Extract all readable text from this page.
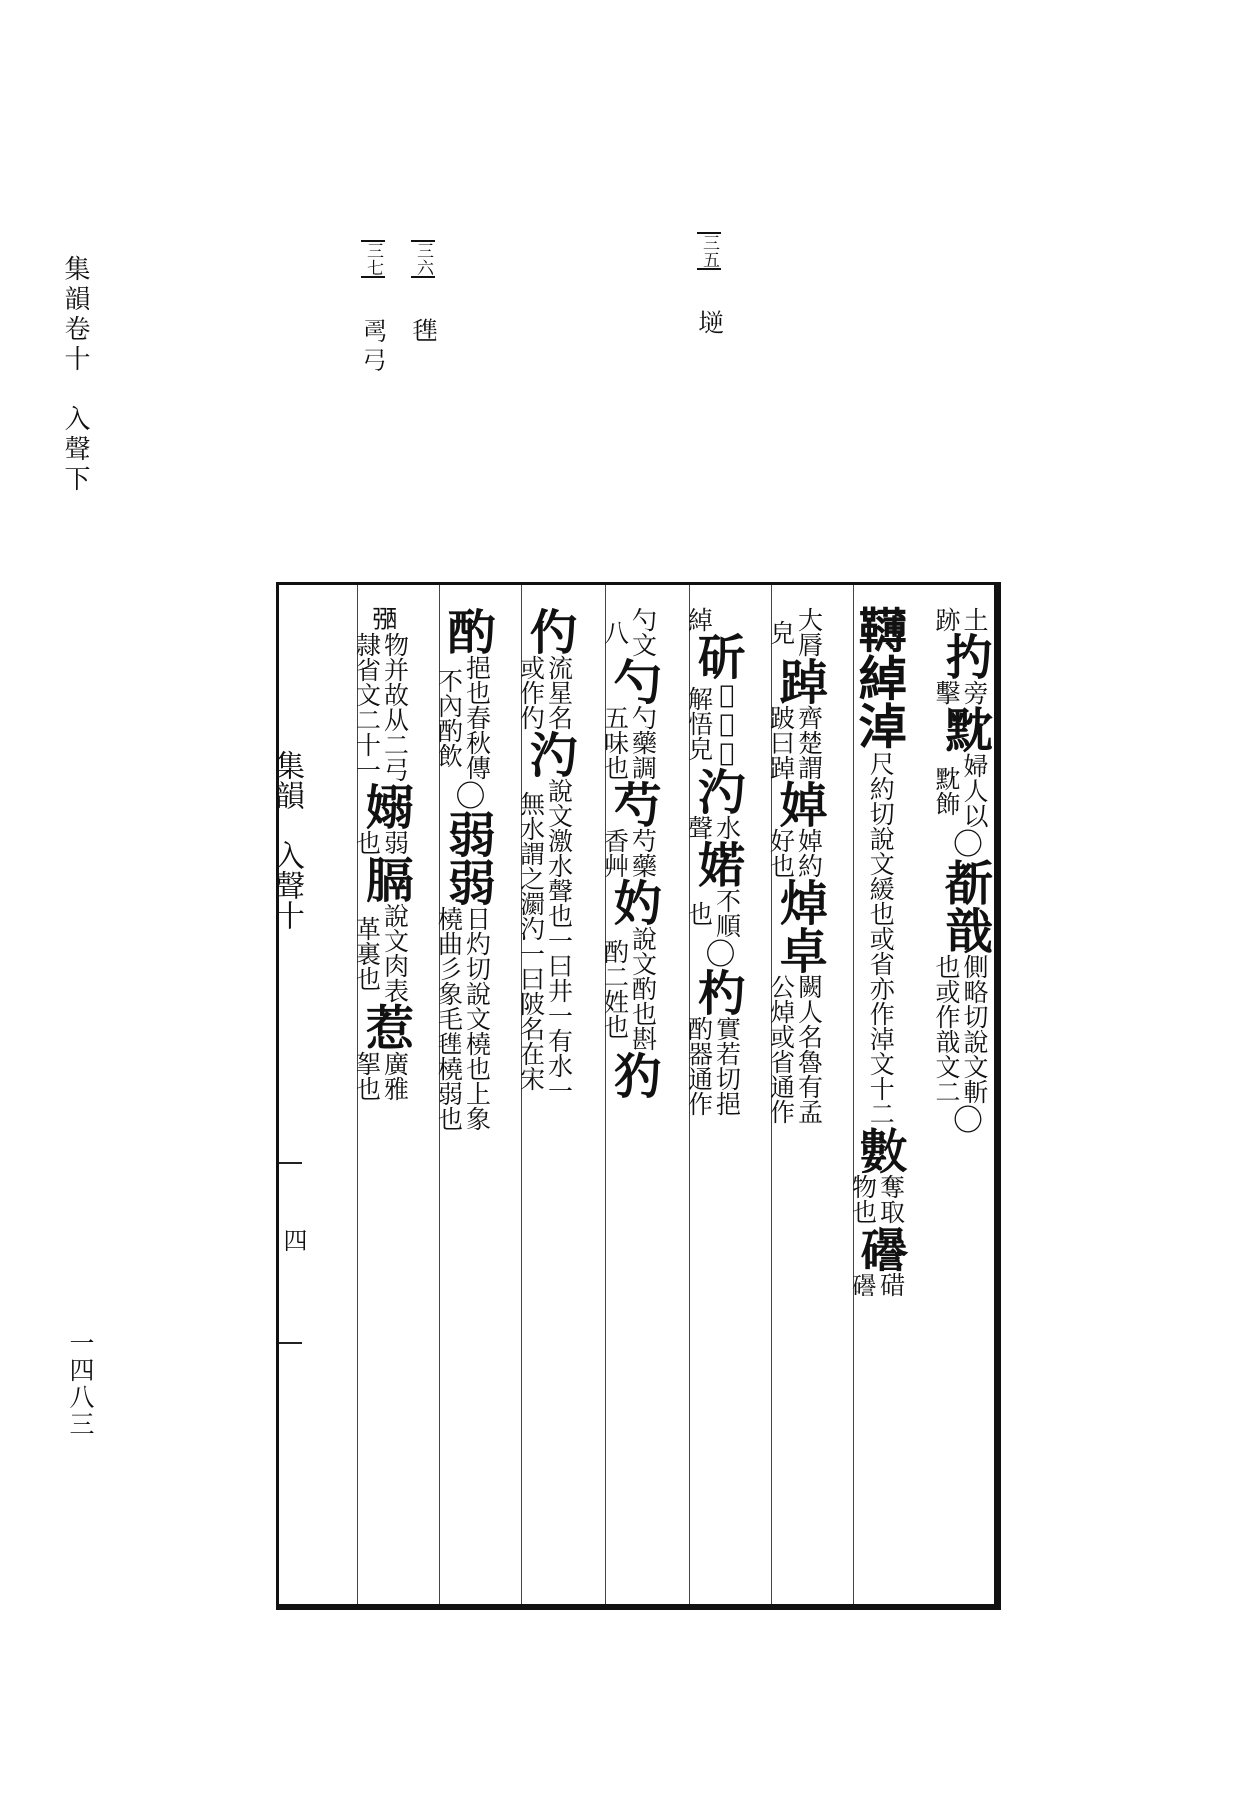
集韻卷十　入聲下
一四八三
三五 𡏤
三六 𣯍
三七 𢏚弓
集韻　入聲十
四
土
跡
扚
旁
擊
黕
婦人以
黕飾
〇
斱戠
側略切說文斬
也或作戠文二
〇
𩍿綽淖
尺約切說文緩也或省亦作淖文十二
𢿙
奪取
物也
𥗟
碏
𥗟
大脣
皃
踔
齊楚謂
跛曰踔
婥
婥約
好也
焯卓
闕人名魯有孟
公焯或省通作
綽
斫
𥐦斫不
解悟皃
汋
水
聲
婼
不順
也
〇
杓
實若切挹
酌器通作
勺文
八
勺
勺藥調
五味也
芍
芍藥
香艸
妁
說文酌也斟
酌二姓也
犳
仢
流星名
或作仢
汋
說文激水聲也一曰井一有水一
無水謂之瀱汋一曰陂名在宋
酌
挹也春秋傳
不內酌飲
〇
弱弱
日灼切說文橈也上象
橈曲彡象毛𣯍橈弱也
𢐀
物并故从二弓
隷省文二十一
嫋
弱
也
膈
說文肉表
革裏也
惹
廣雅
挐也
